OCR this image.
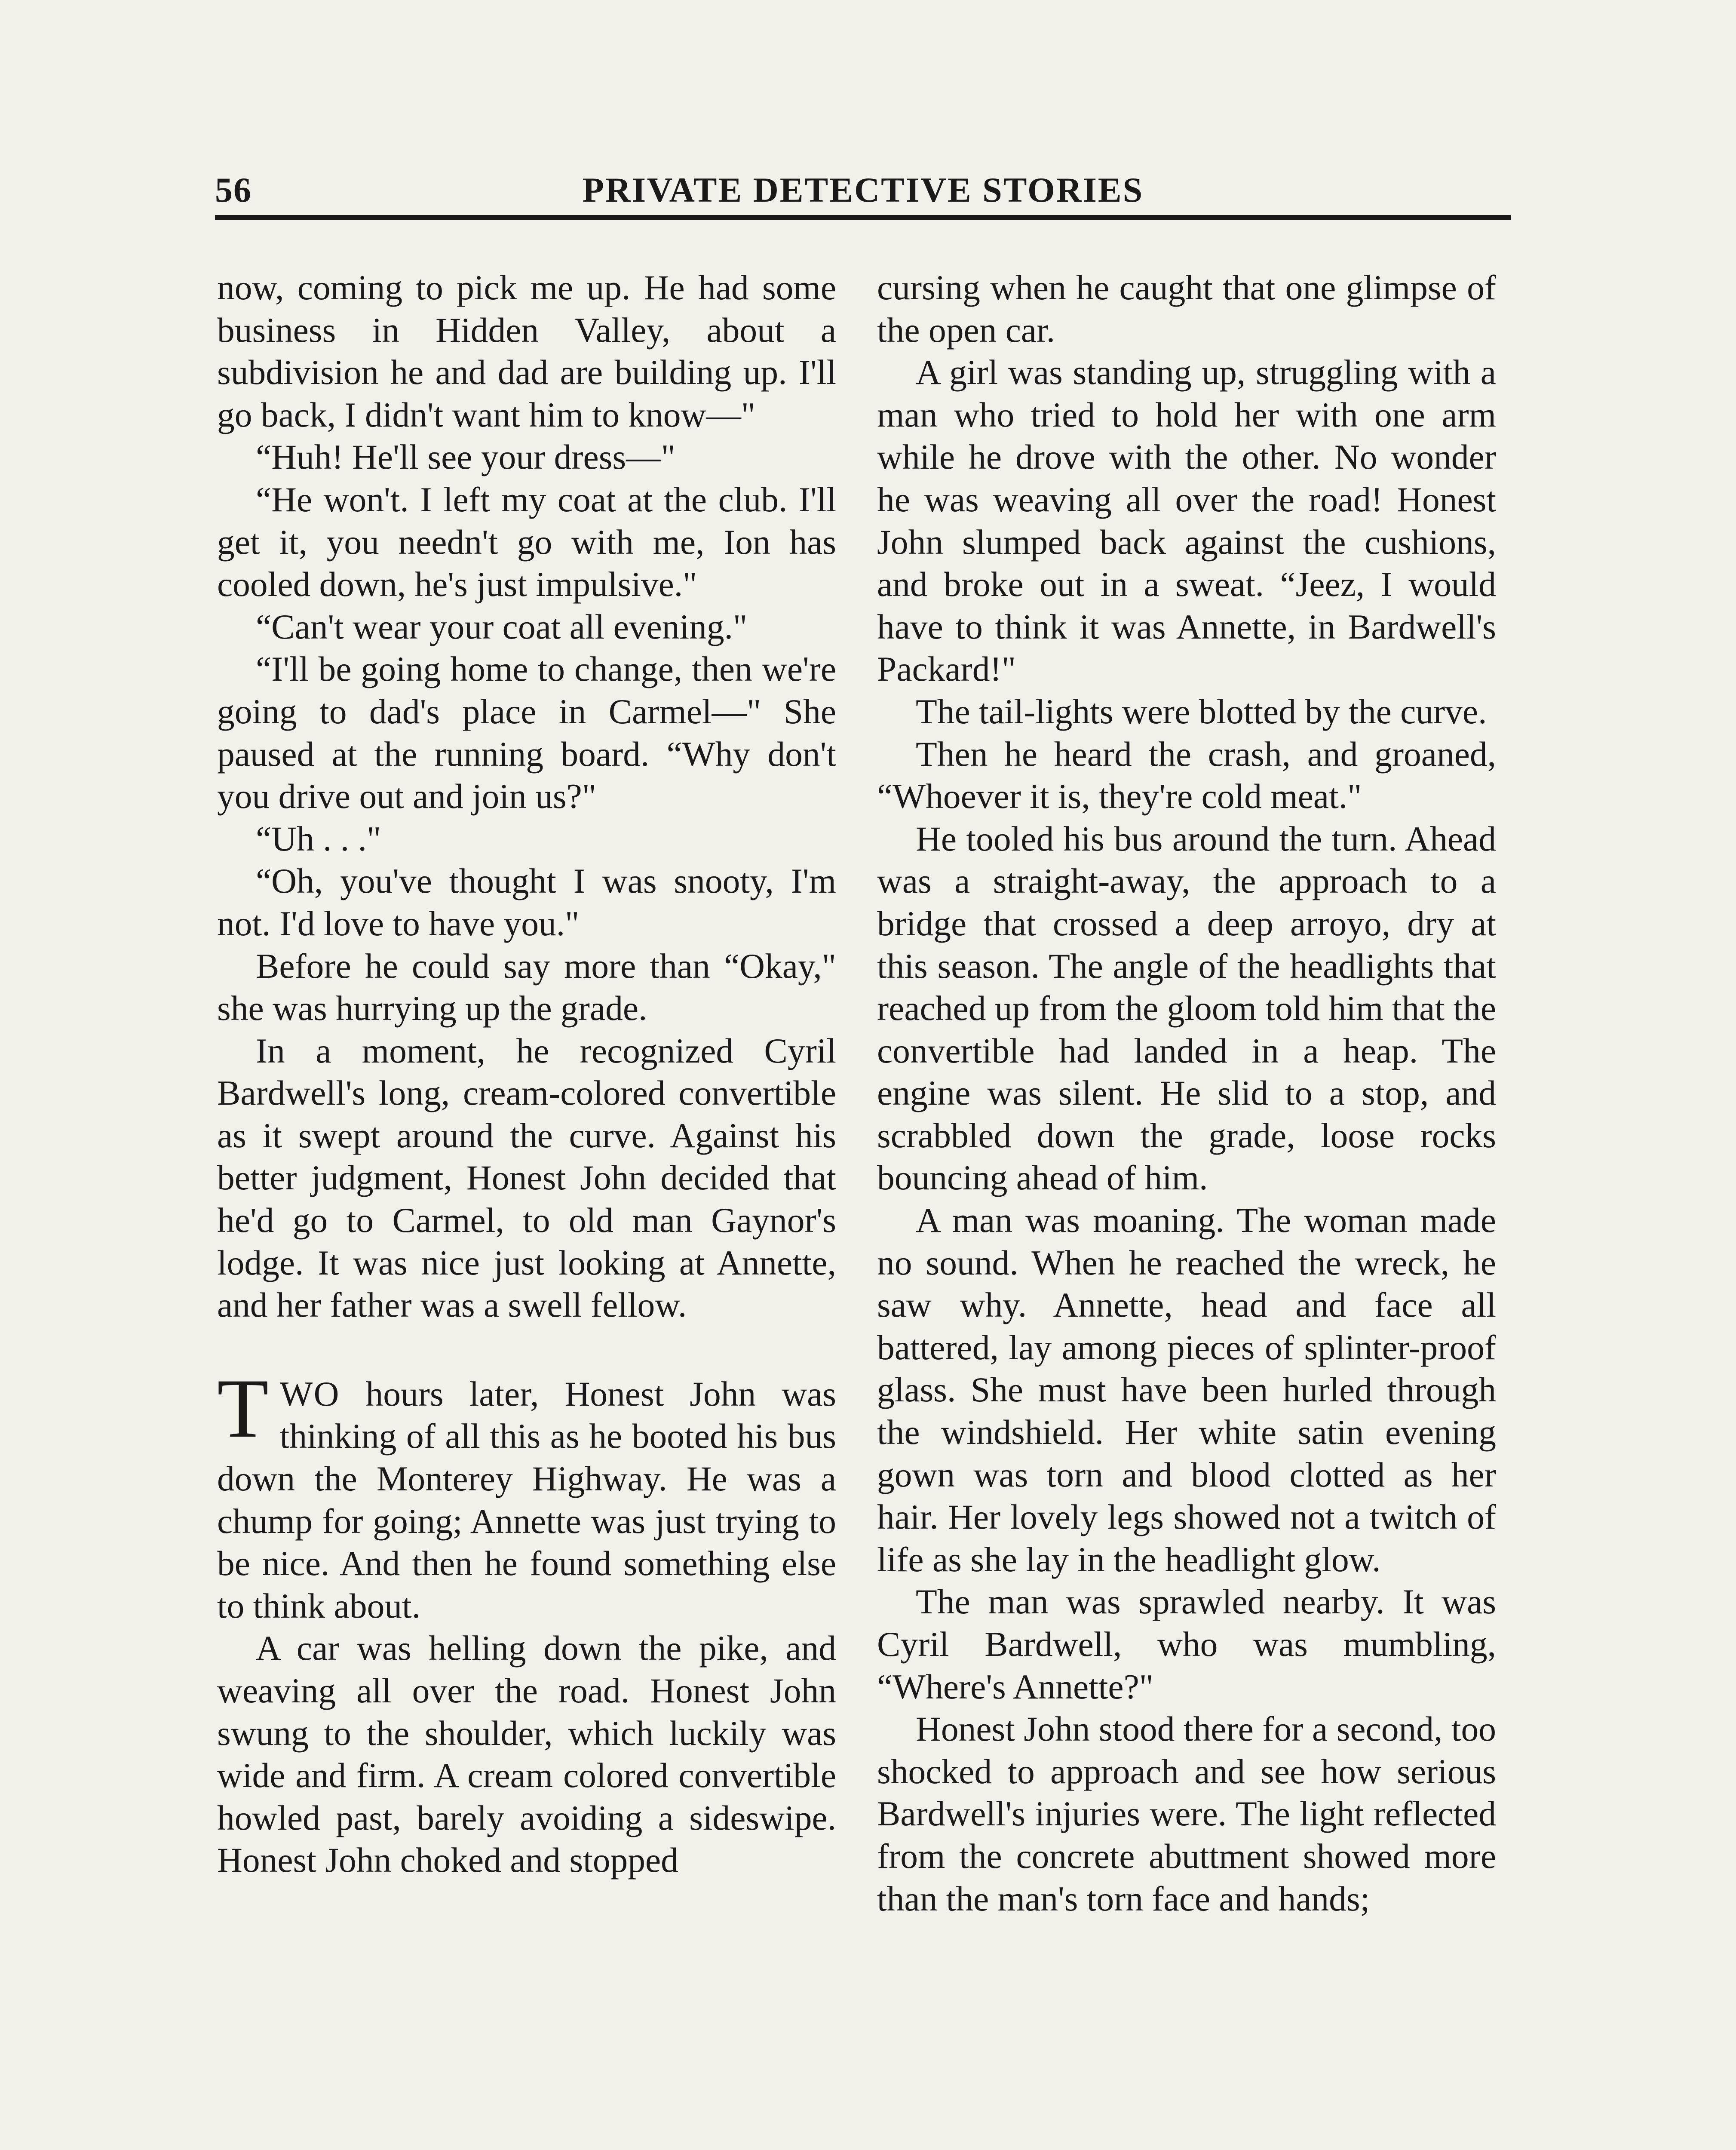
56	PRIVATE DETECTIVE STORIES

now, coming to pick me up. He had some business in Hidden Valley, about a subdivision he and dad are building up. I'll go back, I didn't want him to know—"

“Huh! He'll see your dress—"

“He won't. I left my coat at the club. I'll get it, you needn't go with me, Ion has cooled down, he's just impulsive."

“Can't wear your coat all evening."

“I'll be going home to change, then we're going to dad's place in Carmel—" She paused at the running board. “Why don't you drive out and join us?"

“Uh . . ."

“Oh, you've thought I was snooty, I'm not. I'd love to have you."

Before he could say more than “Okay," she was hurrying up the grade.

In a moment, he recognized Cyril Bardwell's long, cream-colored convertible as it swept around the curve. Against his better judgment, Honest John decided that he'd go to Carmel, to old man Gaynor's lodge. It was nice just looking at Annette, and her father was a swell fellow.

TWO hours later, Honest John was thinking of all this as he booted his bus down the Monterey Highway. He was a chump for going; Annette was just trying to be nice. And then he found something else to think about.

A car was helling down the pike, and weaving all over the road. Honest John swung to the shoulder, which luckily was wide and firm. A cream colored convertible howled past, barely avoiding a sideswipe. Honest John choked and stopped

cursing when he caught that one glimpse of the open car.

A girl was standing up, struggling with a man who tried to hold her with one arm while he drove with the other. No wonder he was weaving all over the road! Honest John slumped back against the cushions, and broke out in a sweat. “Jeez, I would have to think it was Annette, in Bardwell's Packard!"

The tail-lights were blotted by the curve.

Then he heard the crash, and groaned, “Whoever it is, they're cold meat."

He tooled his bus around the turn. Ahead was a straight-away, the approach to a bridge that crossed a deep arroyo, dry at this season. The angle of the headlights that reached up from the gloom told him that the convertible had landed in a heap. The engine was silent. He slid to a stop, and scrabbled down the grade, loose rocks bouncing ahead of him.

A man was moaning. The woman made no sound. When he reached the wreck, he saw why. Annette, head and face all battered, lay among pieces of splinter-proof glass. She must have been hurled through the windshield. Her white satin evening gown was torn and blood clotted as her hair. Her lovely legs showed not a twitch of life as she lay in the headlight glow.

The man was sprawled nearby. It was Cyril Bardwell, who was mumbling, “Where's Annette?"

Honest John stood there for a second, too shocked to approach and see how serious Bardwell's injuries were. The light reflected from the concrete abuttment showed more than the man's torn face and hands;
